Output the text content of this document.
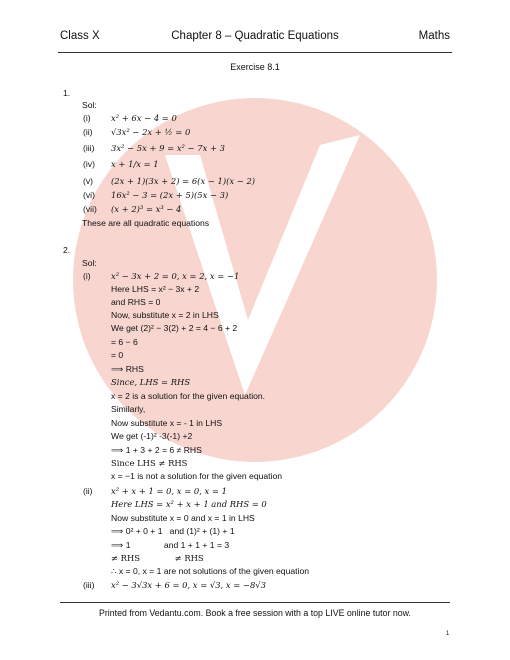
Class X	Chapter 8 – Quadratic Equations	Maths
Exercise 8.1
1.
Sol:
(i) x² + 6x − 4 = 0
(ii) √3x² − 2x + ½ = 0
(iii) 3x² − 5x + 9 = x² − 7x + 3
(iv) x + 1/x = 1
(v) (2x + 1)(3x + 2) = 6(x − 1)(x − 2)
(vi) 16x² − 3 = (2x + 5)(5x − 3)
(vii) (x + 2)³ = x³ − 4
These are all quadratic equations
2.
Sol:
(i) x² − 3x + 2 = 0, x = 2, x = −1
Here LHS = x² − 3x + 2
and RHS = 0
Now, substitute x = 2 in LHS
We get (2)² − 3(2) + 2 = 4 − 6 + 2
= 6 − 6
= 0
⟹ RHS
Since, LHS = RHS
x = 2 is a solution for the given equation.
Similarly,
Now substitute x = - 1 in LHS
We get (-1)² -3(-1) +2
⟹ 1 + 3 + 2 = 6 ≠ RHS
Since LHS ≠ RHS
x = −1 is not a solution for the given equation
(ii) x² + x + 1 = 0, x = 0, x = 1
Here LHS = x² + x + 1 and RHS = 0
Now substitute x = 0 and x = 1 in LHS
⟹ 0² + 0 + 1   and (1)² + (1) + 1
⟹ 1              and 1 + 1 + 1 = 3
≠ RHS             ≠ RHS
∴ x = 0, x = 1 are not solutions of the given equation
(iii) x² − 3√3x + 6 = 0, x = √3, x = −8√3
Printed from Vedantu.com. Book a free session with a top LIVE online tutor now.
1
